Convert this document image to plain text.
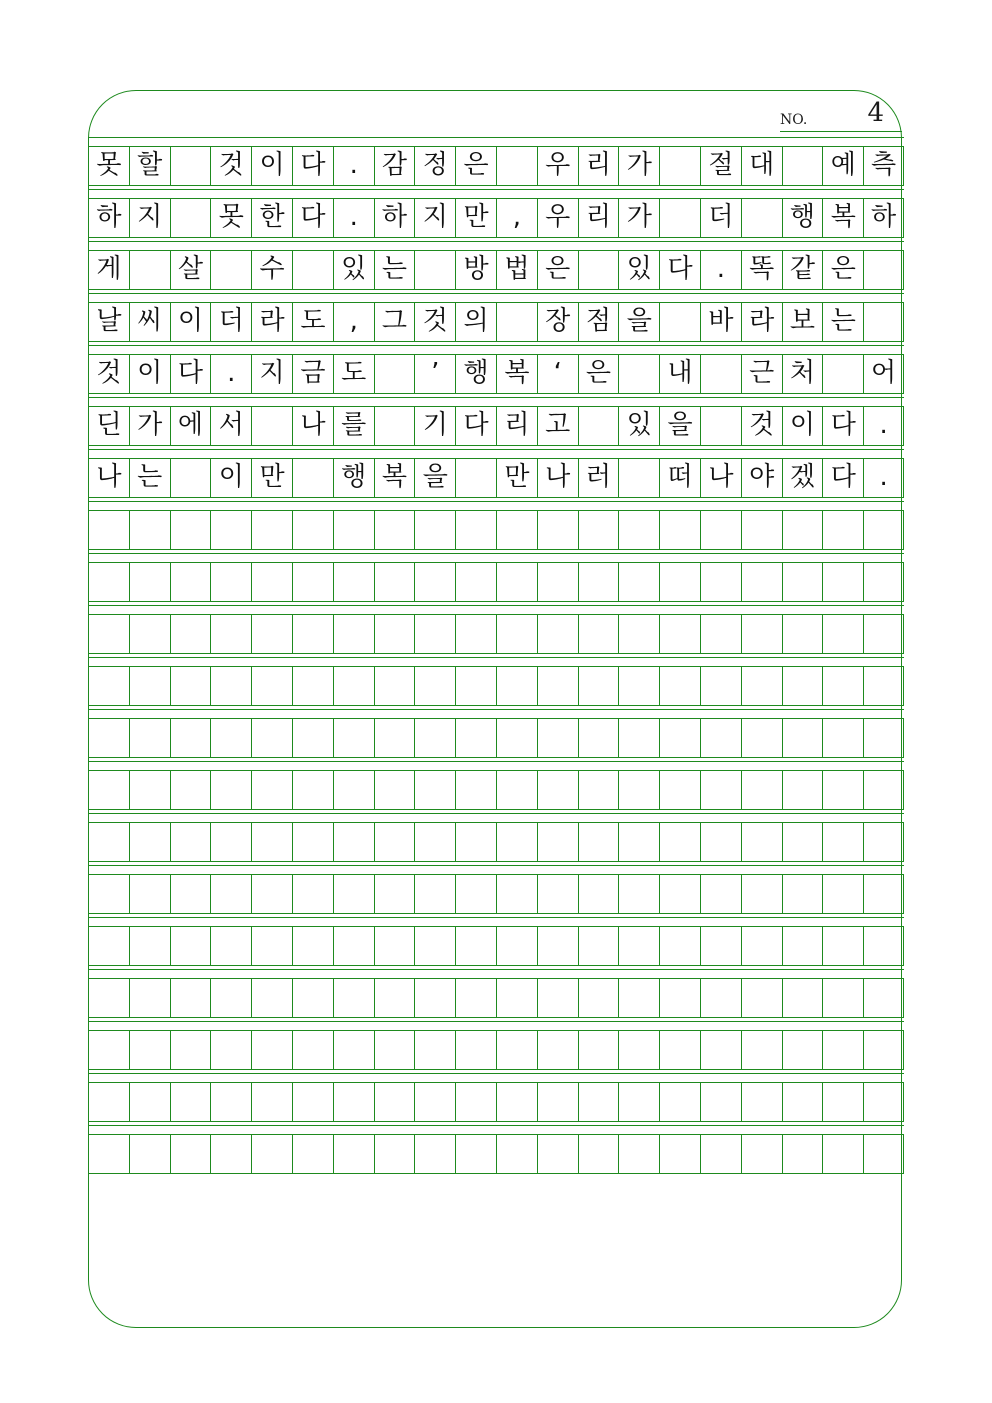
NO. 4
못 할	것 이 다 . 감 정 은	우 리 가	절 대	예 측
하 지	못 한 다 . 하 지 만 , 우 리 가	더	행 복 하
게	살	수	있 는	방 법 은	있 다 . 똑 같 은
날 씨 이 더 라 도 , 그 것 의	장 점 을	바 라 보 는
것 이 다 . 지 금 도	’ 행 복 ‘ 은	내	근 처	어
딘 가 에 서	나 를	기 다 리 고	있 을	것 이 다 .
나 는	이 만	행 복 을	만 나 러	떠 나 야 겠 다 .
